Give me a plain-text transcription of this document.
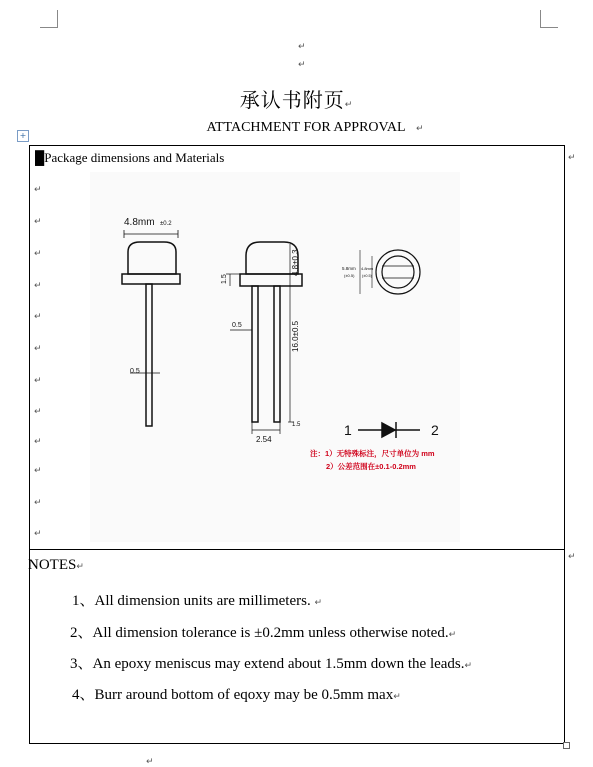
↵
↵
承认书附页↵
ATTACHMENT FOR APPROVAL ↵
+
█Package dimensions and Materials
↵
↵
↵
↵
↵
↵
↵
↵
↵
↵
↵
↵
↵
↵
↵
4.8mm ±0.2
0.5
4.8±0.3
1.5
0.5	16.0±0.5
2.54
1.5
5.8mm
(±0.5)
4.8mm
(±0.5)
1	2
注：1）无特殊标注，尺寸单位为 mm
2）公差范围在±0.1-0.2mm
NOTES↵
1、All dimension units are millimeters. ↵
2、All dimension tolerance is ±0.2mm unless otherwise noted.↵
3、An epoxy meniscus may extend about 1.5mm down the leads.↵
4、Burr around bottom of eqoxy may be 0.5mm max↵
